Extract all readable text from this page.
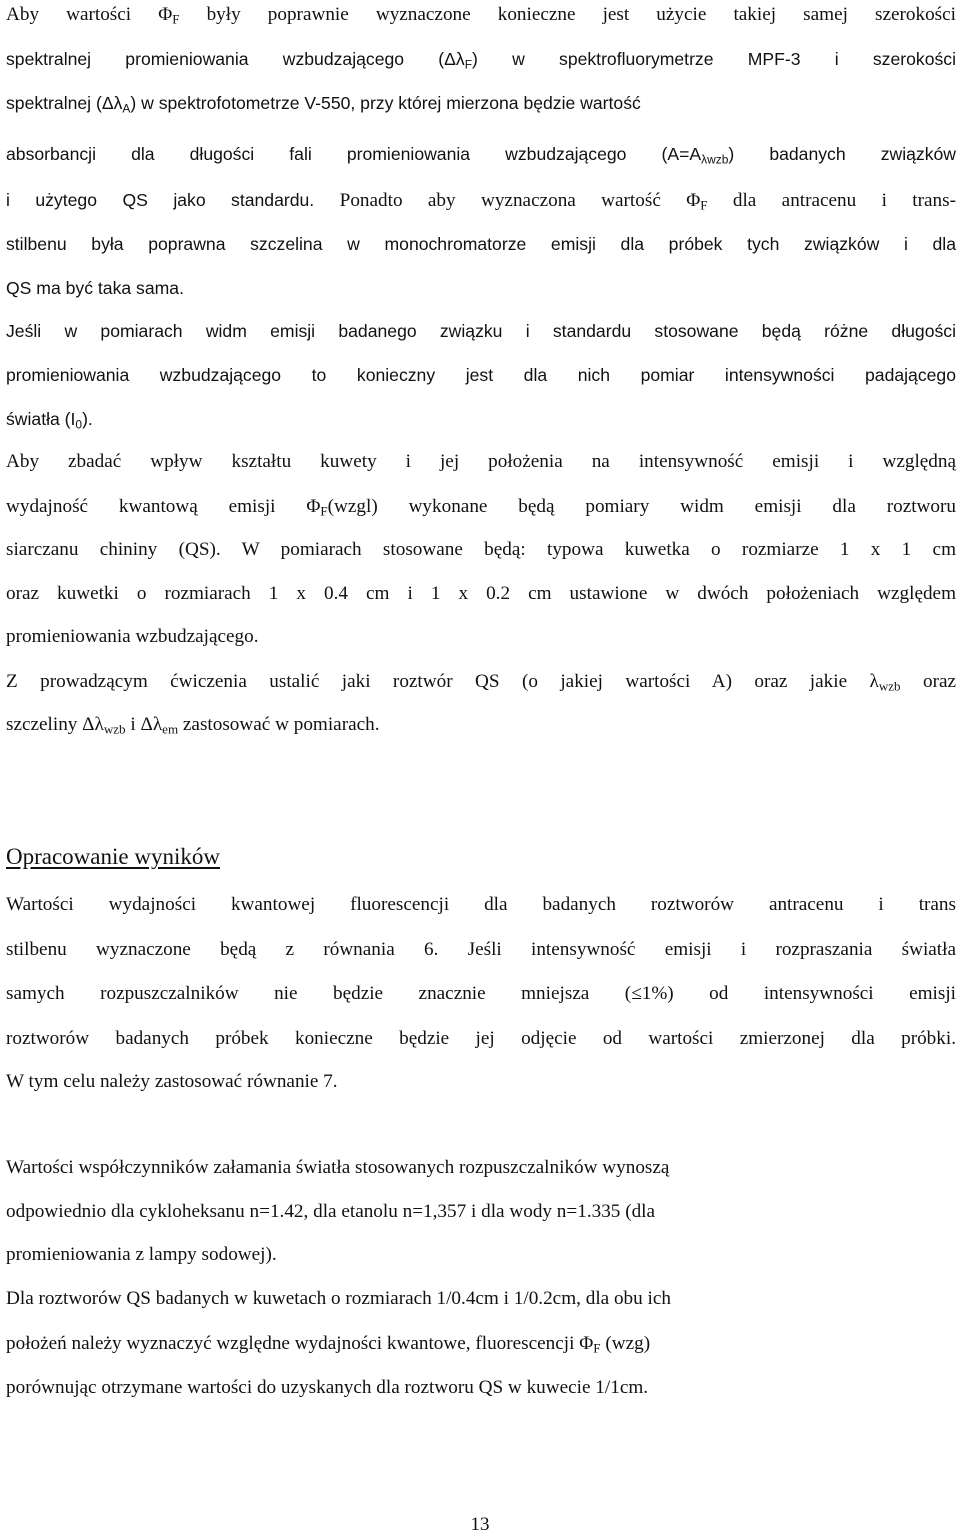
Aby wartości $\Phi_F$ były poprawnie wyznaczone konieczne jest użycie takiej samej szerokości
spektralnej promieniowania wzbudzającego $(\Delta\lambda_F)$ w spektrofluorymetrze MPF-3 i szerokości
spektralnej $(\Delta\lambda_A)$ w spektrofotometrze V-550, przy której mierzona będzie wartość
absorbancji dla długości fali promieniowania wzbudzającego $(A=A_{\lambda wzb})$ badanych związków
i użytego QS jako standardu. Ponadto aby wyznaczona wartość $\Phi_F$ dla antracenu i trans-
stilbenu była poprawna szczelina w monochromatorze emisji dla próbek tych związków i dla
QS ma być taka sama.
Jeśli w pomiarach widm emisji badanego związku i standardu stosowane będą różne długości
promieniowania wzbudzającego to konieczny jest dla nich pomiar intensywności padającego
światła $(I_0)$.
Aby zbadać wpływ kształtu kuwety i jej położenia na intensywność emisji i względną
wydajność kwantową emisji $\Phi_F(wzgl)$ wykonane będą pomiary widm emisji dla roztworu
siarczanu chininy (QS). W pomiarach stosowane będą: typowa kuwetka o rozmiarze 1 x 1 cm
oraz kuwetki o rozmiarach 1 x 0.4 cm i 1 x 0.2 cm ustawione w dwóch położeniach względem
promieniowania wzbudzającego.
Z prowadzącym ćwiczenia ustalić jaki roztwór QS (o jakiej wartości A) oraz jakie $\lambda_{wzb}$ oraz
szczeliny $\Delta\lambda_{wzb}$ i $\Delta\lambda_{em}$ zastosować w pomiarach.
Opracowanie wyników
Wartości wydajności kwantowej fluorescencji dla badanych roztworów antracenu i trans
stilbenu wyznaczone będą z równania 6. Jeśli intensywność emisji i rozpraszania światła
samych rozpuszczalników nie będzie znacznie mniejsza (≤1%) od intensywności emisji
roztworów badanych próbek konieczne będzie jej odjęcie od wartości zmierzonej dla próbki.
W tym celu należy zastosować równanie 7.
Wartości współczynników załamania światła stosowanych rozpuszczalników wynoszą
odpowiednio dla cykloheksanu n=1.42, dla etanolu n=1,357 i dla wody n=1.335 (dla
promieniowania z lampy sodowej).
Dla roztworów QS badanych w kuwetach o rozmiarach 1/0.4cm i 1/0.2cm, dla obu ich
położeń należy wyznaczyć względne wydajności kwantowe, fluorescencji $\Phi_F$ (wzg)
porównując otrzymane wartości do uzyskanych dla roztworu QS w kuwecie 1/1cm.
13
